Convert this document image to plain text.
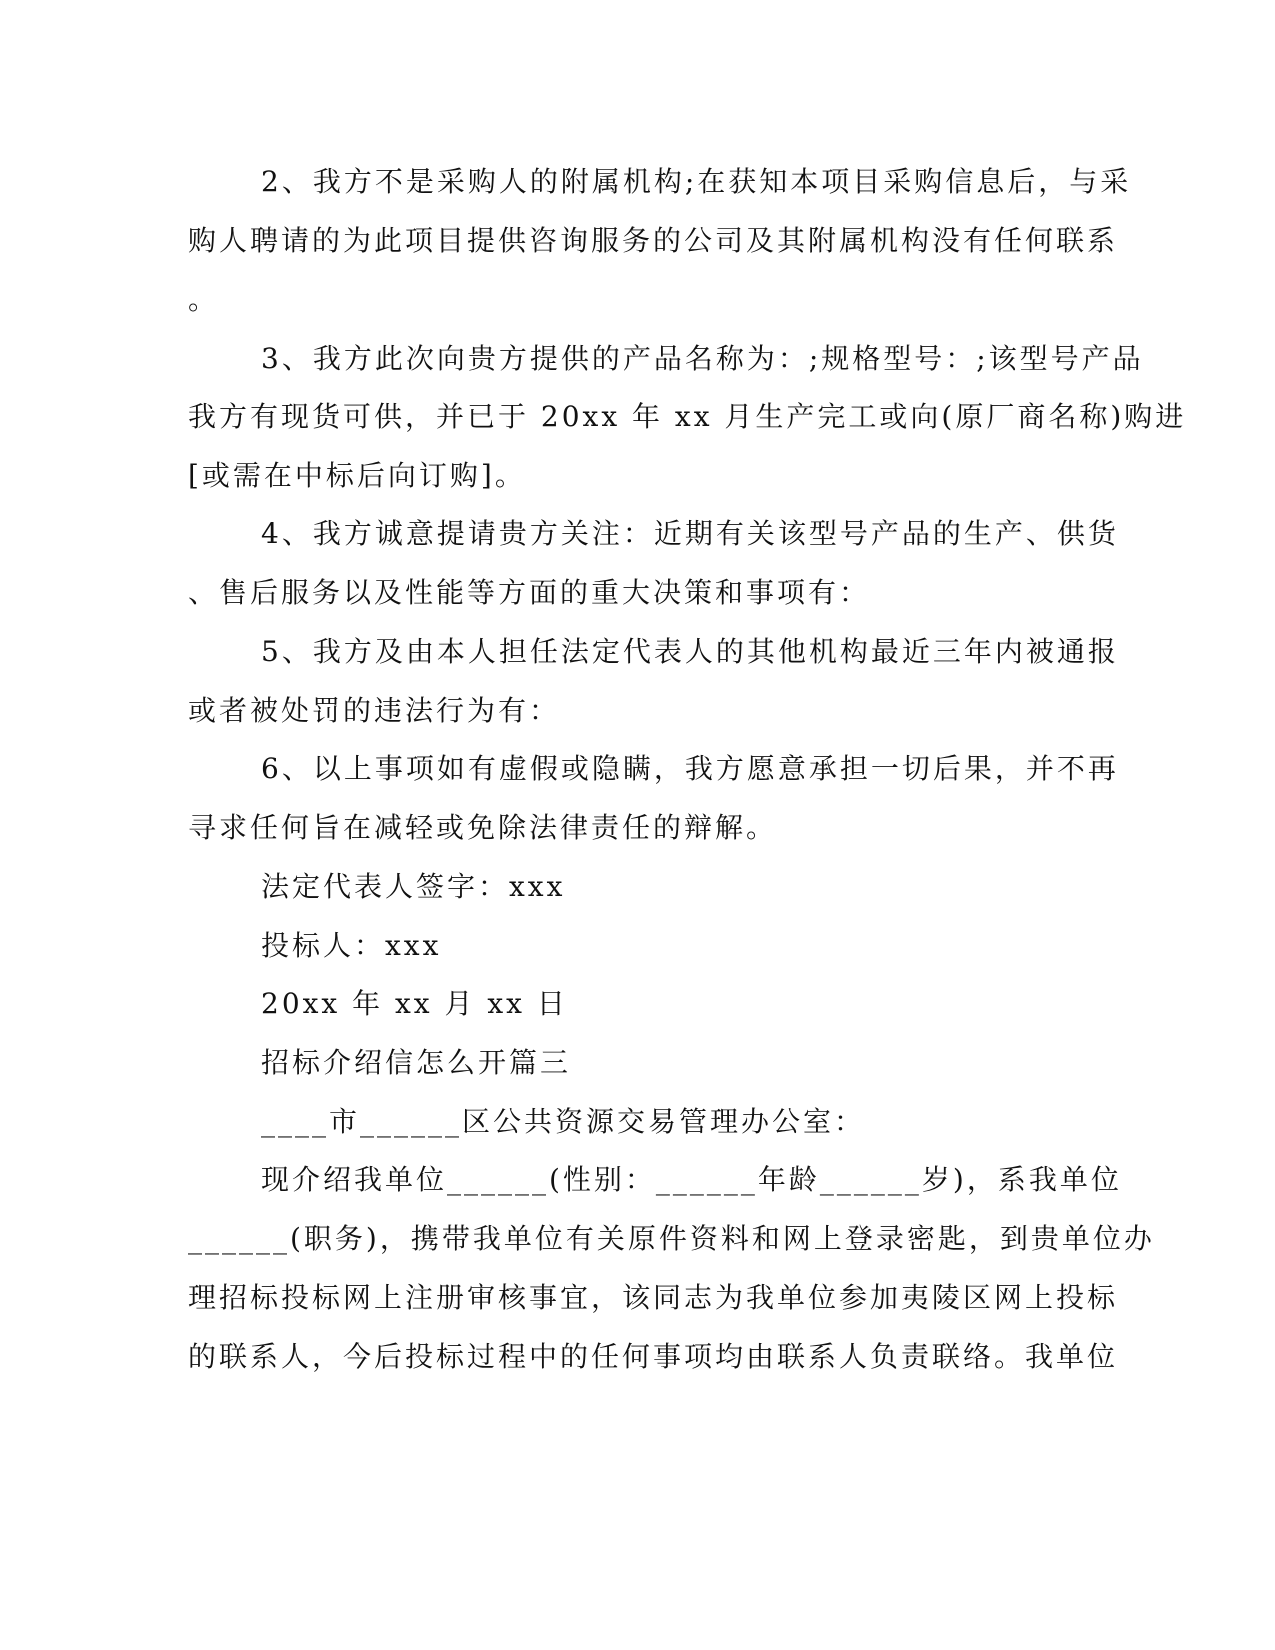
2、我方不是采购人的附属机构;在获知本项目采购信息后，与采
购人聘请的为此项目提供咨询服务的公司及其附属机构没有任何联系
。
3、我方此次向贵方提供的产品名称为：;规格型号：;该型号产品
我方有现货可供，并已于 20xx 年 xx 月生产完工或向(原厂商名称)购进
[或需在中标后向订购]。
4、我方诚意提请贵方关注：近期有关该型号产品的生产、供货
、售后服务以及性能等方面的重大决策和事项有：
5、我方及由本人担任法定代表人的其他机构最近三年内被通报
或者被处罚的违法行为有：
6、以上事项如有虚假或隐瞒，我方愿意承担一切后果，并不再
寻求任何旨在减轻或免除法律责任的辩解。
法定代表人签字：xxx
投标人：xxx
20xx 年 xx 月 xx 日
招标介绍信怎么开篇三
____市______区公共资源交易管理办公室：
现介绍我单位______(性别：______年龄______岁)，系我单位
______(职务)，携带我单位有关原件资料和网上登录密匙，到贵单位办
理招标投标网上注册审核事宜，该同志为我单位参加夷陵区网上投标
的联系人，今后投标过程中的任何事项均由联系人负责联络。我单位
